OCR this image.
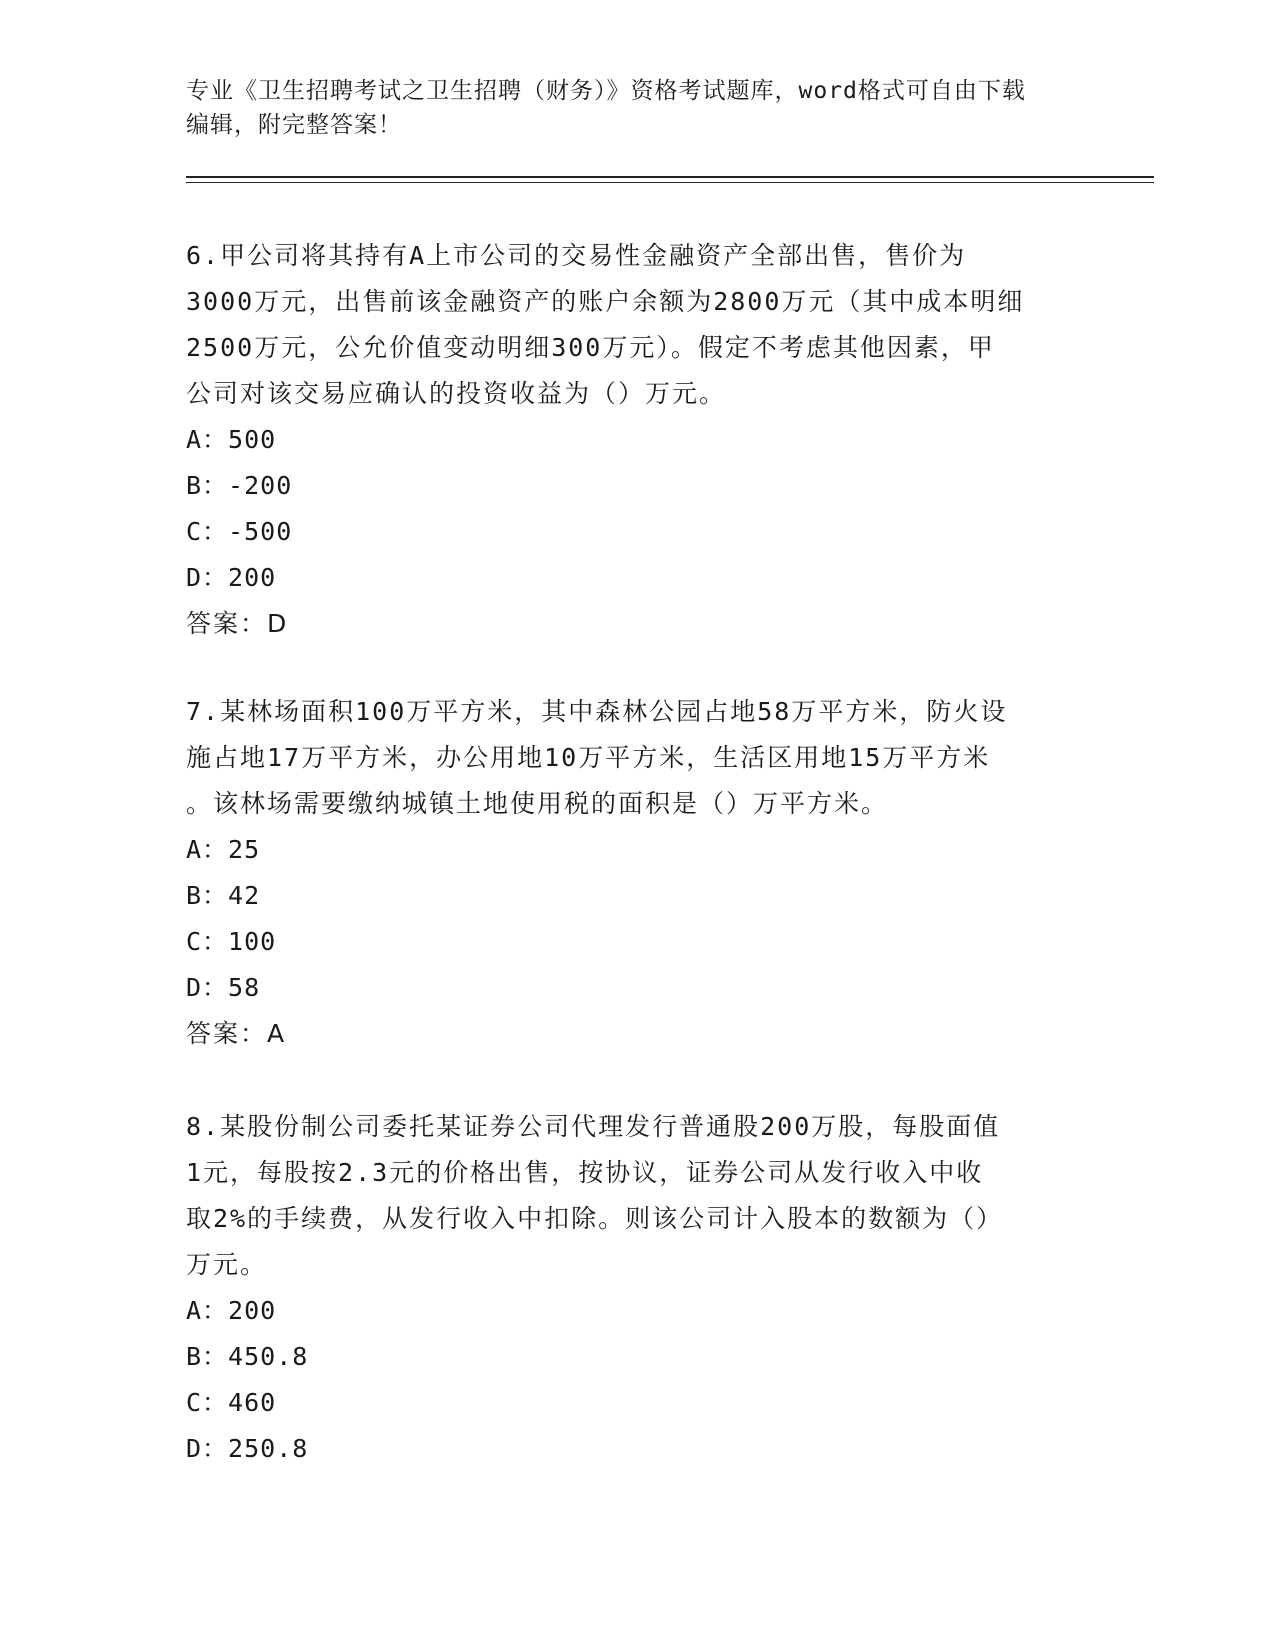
专业《卫生招聘考试之卫生招聘（财务）》资格考试题库，word格式可自由下载
编辑，附完整答案！

6.甲公司将其持有A上市公司的交易性金融资产全部出售，售价为

3000万元，出售前该金融资产的账户余额为2800万元（其中成本明细

2500万元，公允价值变动明细300万元）。假定不考虑其他因素，甲

公司对该交易应确认的投资收益为（）万元。

A：500

B：-200

C：-500

D：200

答案：D

7.某林场面积100万平方米，其中森林公园占地58万平方米，防火设

施占地17万平方米，办公用地10万平方米，生活区用地15万平方米

。该林场需要缴纳城镇土地使用税的面积是（）万平方米。

A：25

B：42

C：100

D：58

答案：A

8.某股份制公司委托某证券公司代理发行普通股200万股，每股面值

1元，每股按2.3元的价格出售，按协议，证券公司从发行收入中收

取2%的手续费，从发行收入中扣除。则该公司计入股本的数额为（）

万元。

A：200

B：450.8

C：460

D：250.8
